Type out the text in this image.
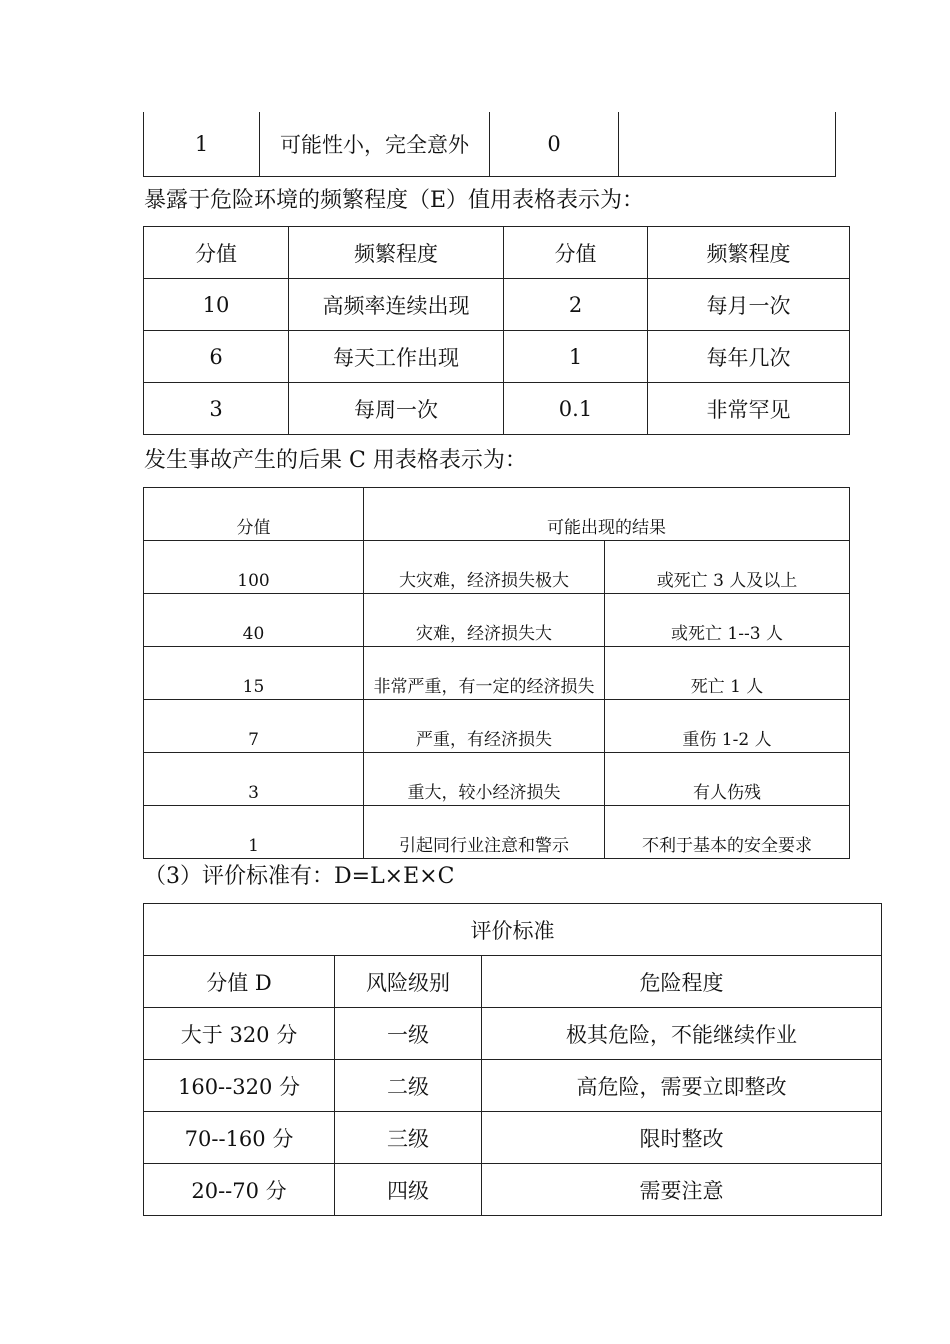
1	可能性小，完全意外	0	

暴露于危险环境的频繁程度（E）值用表格表示为：

分值	频繁程度	分值	频繁程度
10	高频率连续出现	2	每月一次
6	每天工作出现	1	每年几次
3	每周一次	0.1	非常罕见

发生事故产生的后果 C 用表格表示为：

分值	可能出现的结果	
100	大灾难，经济损失极大	或死亡 3 人及以上
40	灾难，经济损失大	或死亡 1--3 人
15	非常严重，有一定的经济损失	死亡 1 人
7	严重，有经济损失	重伤 1-2 人
3	重大，较小经济损失	有人伤残
1	引起同行业注意和警示	不利于基本的安全要求

（3）评价标准有：D=L×E×C

评价标准		
分值 D	风险级别	危险程度
大于 320 分	一级	极其危险，不能继续作业
160--320 分	二级	高危险，需要立即整改
70--160 分	三级	限时整改
20--70 分	四级	需要注意
